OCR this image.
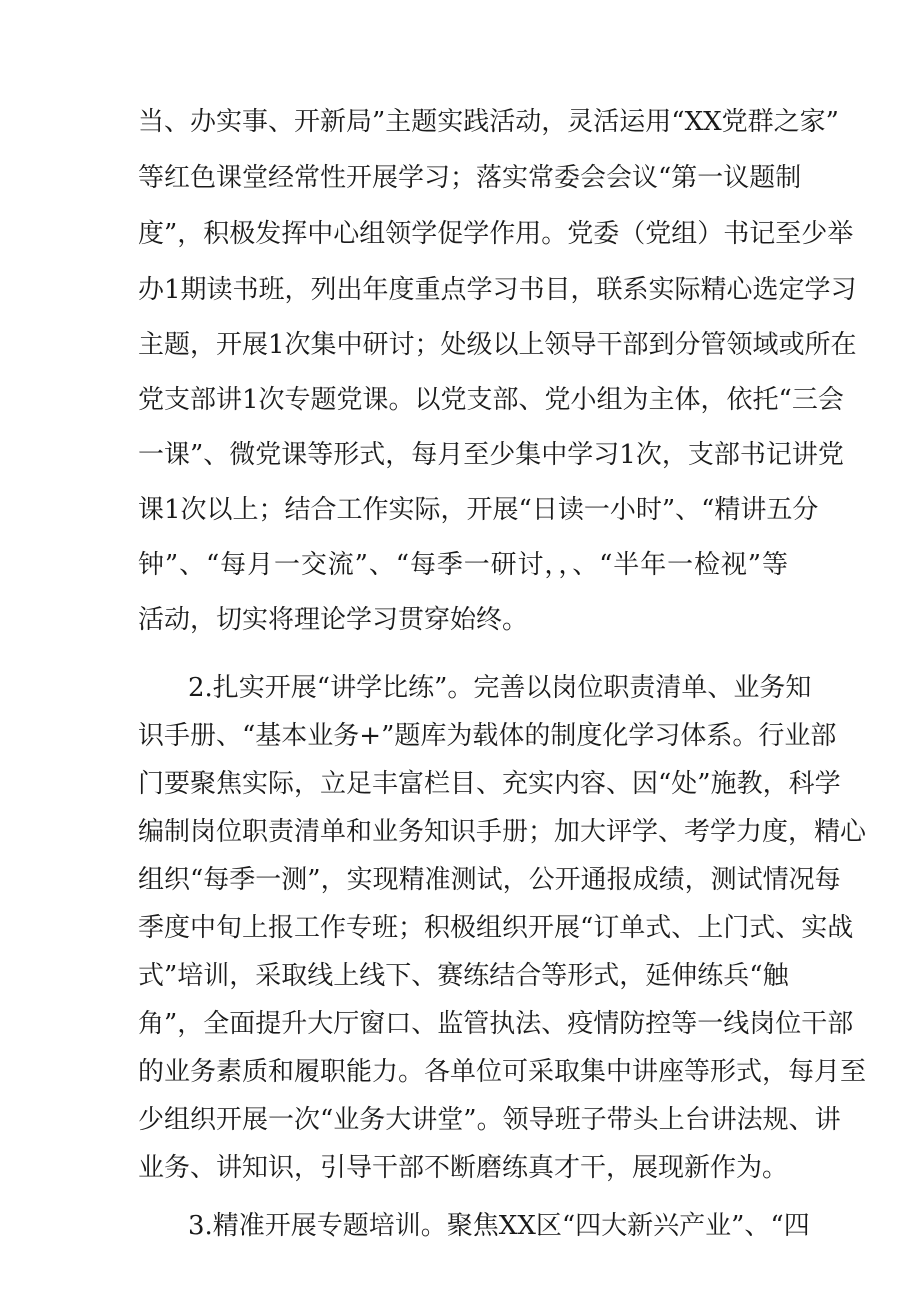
当、办实事、开新局”主题实践活动，灵活运用“XX党群之家”
等红色课堂经常性开展学习；落实常委会会议“第一议题制
度”，积极发挥中心组领学促学作用。党委（党组）书记至少举
办1期读书班，列出年度重点学习书目，联系实际精心选定学习
主题，开展1次集中研讨；处级以上领导干部到分管领域或所在
党支部讲1次专题党课。以党支部、党小组为主体，依托“三会
一课”、微党课等形式，每月至少集中学习1次，支部书记讲党
课1次以上；结合工作实际，开展“日读一小时”、“精讲五分
钟”、“每月一交流”、“每季一研讨，，、“半年一检视”等
活动，切实将理论学习贯穿始终。
2.扎实开展“讲学比练”。完善以岗位职责清单、业务知
识手册、“基本业务+”题库为载体的制度化学习体系。行业部
门要聚焦实际，立足丰富栏目、充实内容、因“处”施教，科学
编制岗位职责清单和业务知识手册；加大评学、考学力度，精心
组织“每季一测”，实现精准测试，公开通报成绩，测试情况每
季度中旬上报工作专班；积极组织开展“订单式、上门式、实战
式”培训，采取线上线下、赛练结合等形式，延伸练兵“触
角”，全面提升大厅窗口、监管执法、疫情防控等一线岗位干部
的业务素质和履职能力。各单位可采取集中讲座等形式，每月至
少组织开展一次“业务大讲堂”。领导班子带头上台讲法规、讲
业务、讲知识，引导干部不断磨练真才干，展现新作为。
3.精准开展专题培训。聚焦XX区“四大新兴产业”、“四
